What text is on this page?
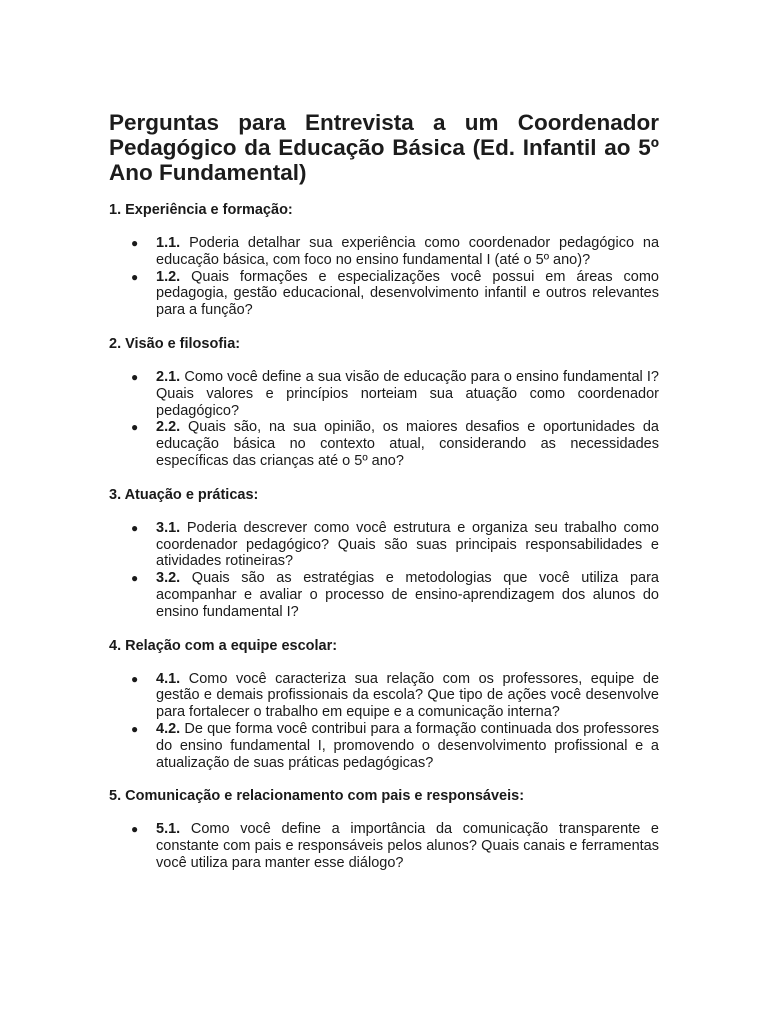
Perguntas para Entrevista a um Coordenador Pedagógico da Educação Básica (Ed. Infantil ao 5º Ano Fundamental)
1. Experiência e formação:
● 1.1. Poderia detalhar sua experiência como coordenador pedagógico na educação básica, com foco no ensino fundamental I (até o 5º ano)?
● 1.2. Quais formações e especializações você possui em áreas como pedagogia, gestão educacional, desenvolvimento infantil e outros relevantes para a função?
2. Visão e filosofia:
● 2.1. Como você define a sua visão de educação para o ensino fundamental I? Quais valores e princípios norteiam sua atuação como coordenador pedagógico?
● 2.2. Quais são, na sua opinião, os maiores desafios e oportunidades da educação básica no contexto atual, considerando as necessidades específicas das crianças até o 5º ano?
3. Atuação e práticas:
● 3.1. Poderia descrever como você estrutura e organiza seu trabalho como coordenador pedagógico? Quais são suas principais responsabilidades e atividades rotineiras?
● 3.2. Quais são as estratégias e metodologias que você utiliza para acompanhar e avaliar o processo de ensino-aprendizagem dos alunos do ensino fundamental I?
4. Relação com a equipe escolar:
● 4.1. Como você caracteriza sua relação com os professores, equipe de gestão e demais profissionais da escola? Que tipo de ações você desenvolve para fortalecer o trabalho em equipe e a comunicação interna?
● 4.2. De que forma você contribui para a formação continuada dos professores do ensino fundamental I, promovendo o desenvolvimento profissional e a atualização de suas práticas pedagógicas?
5. Comunicação e relacionamento com pais e responsáveis:
● 5.1. Como você define a importância da comunicação transparente e constante com pais e responsáveis pelos alunos? Quais canais e ferramentas você utiliza para manter esse diálogo?
